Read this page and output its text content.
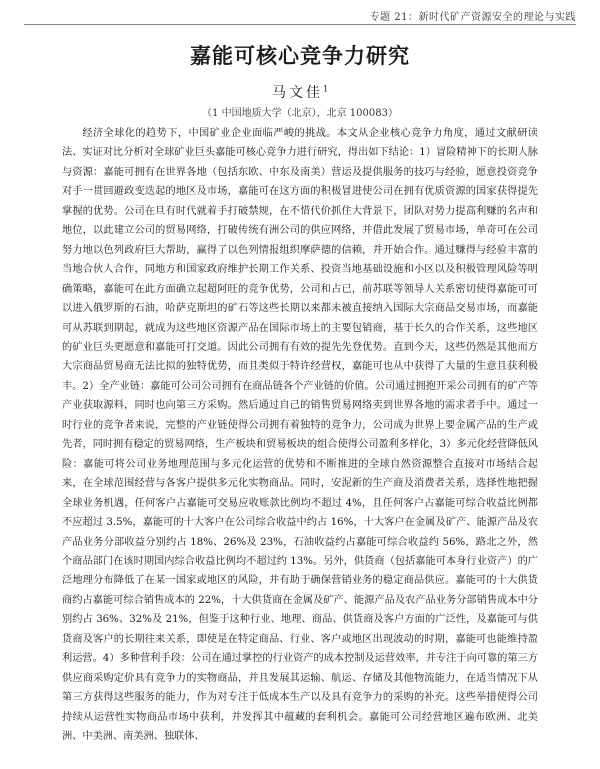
专题 21：新时代矿产资源安全的理论与实践
嘉能可核心竞争力研究
马文佳$^1$
（1 中国地质大学（北京），北京 100083）

经济全球化的趋势下，中国矿业企业面临严峻的挑战。本文从企业核心竞争力角度，通过文献研读法、实证对比分析对全球矿业巨头嘉能可核心竞争力进行研究，得出如下结论：1）冒险精神下的长期人脉与资源：嘉能可拥有在世界各地（包括东欧、中东及南美）营运及提供服务的技巧与经验，愿意投资竞争对手一贯回避政变迭起的地区及市场，嘉能可在这方面的积极冒进使公司在拥有优质资源的国家获得提先掌握的优势。公司在旦有时代就着手打破禁规，在不惜代价抓住大背景下，团队对势力提高利赚的名声和地位，以此建立公司的贸易网络，打破传统有洲公司的供应网络，并借此发展了贸易市场，单奇可在公司努力地以色列政府巨大帮助，赢得了以色列情报组织摩萨德的信赖，并开始合作。通过赚得与经验丰富的当地合伙人合作，同地方和国家政府维护长期工作关系、投资当地基础设施和小区以及积极管理风险等明确策略，嘉能可在此方面确立起超阿旺的竞争优势，公司和占已，前苏联等领导人关系密切使得嘉能可可以进入俄罗斯的石油，哈萨克斯坦的矿石等这些长期以来都未被直接纳入国际大宗商品交易市场，而嘉能可从苏联到期起，就成为这些地区资源产品在国际市场上的主要包销商，基于长久的合作关系，这些地区的矿业巨头更愿意和嘉能可打交道。因此公司拥有有效的提先先登优势。直到今天，这些仍然是其他而方大宗商品贸易商无法比拟的独特优势，而且类似于特许经营权，嘉能可也从中获得了大量的生意且获利极丰。2）全产业链：嘉能可公司公司拥有在商品链各个产业链的价值。公司通过拥抱开采公司拥有的矿产等产业获取源料，同时也向第三方采购。然后通过自己的销售贸易网络卖到世界各地的需求者手中。通过一时行业的竞争者来说，完整的产业链使得公司拥有着独特的竞争力，公司成为世界上要金属产品的生产或先者，同时拥有稳定的贸易网络，生产板块和贸易板块的组合使得公司盈利多样化，3）多元化经营降低风险：嘉能可将公司业务地理范围与多元化运营的优势和不断推进的全球自然资源整合直接对市场结合起来，在全球范围经营与各客户提供多元化实物商品。同时，安泥新的生产商及消费者关系，选择性地把握全球业务机遇，任何客户占嘉能可交易应收账款比例均不超过 4%，且任何客户占嘉能可综合收益比例都不应超过 3.5%，嘉能可的十大客户在公司综合收益中约占 16%，十大客户在金属及矿产、能源产品及农产品业务分部收益分别约占 18%、26%及 23%，石油收益约占嘉能可综合收益约 56%，路北之外，然个商品部门在该时期国内综合收益比例均不超过约 13%。另外，供货商（包括嘉能可本身行业资产）的广泛地理分布降低了在某一国家或地区的风险，并有助于确保营销业务的稳定商品供应。嘉能可的十大供货商约占嘉能可综合销售成本的 22%，十大供货商在金属及矿产、能源产品及农产品业务分部销售成本中分别约占 36%、32%及 21%，但鉴于这种行业、地理、商品、供货商及客户方面的广泛性，及嘉能可与供货商及客户的长期往来关系，即使是在特定商品、行业、客户或地区出现波动的时期，嘉能可也能维持盈利运营。4）多种营利手段：公司在通过掌控的行业资产的成本控制及运营效率，并专注于向可靠的第三方供应商采购定价具有竞争力的实物商品，并且发展其运输、航运、存储及其他物流能力，在适当情况下从第三方获得这些服务的能力，作为对专注于低成本生产以及具有竞争力的采购的补充。这些举措使得公司持续从运营性实物商品市场中获利，并发挥其中蕴藏的套利机会。嘉能可公司经营地区遍布欧洲、北美洲、中美洲、南美洲、独联体、
